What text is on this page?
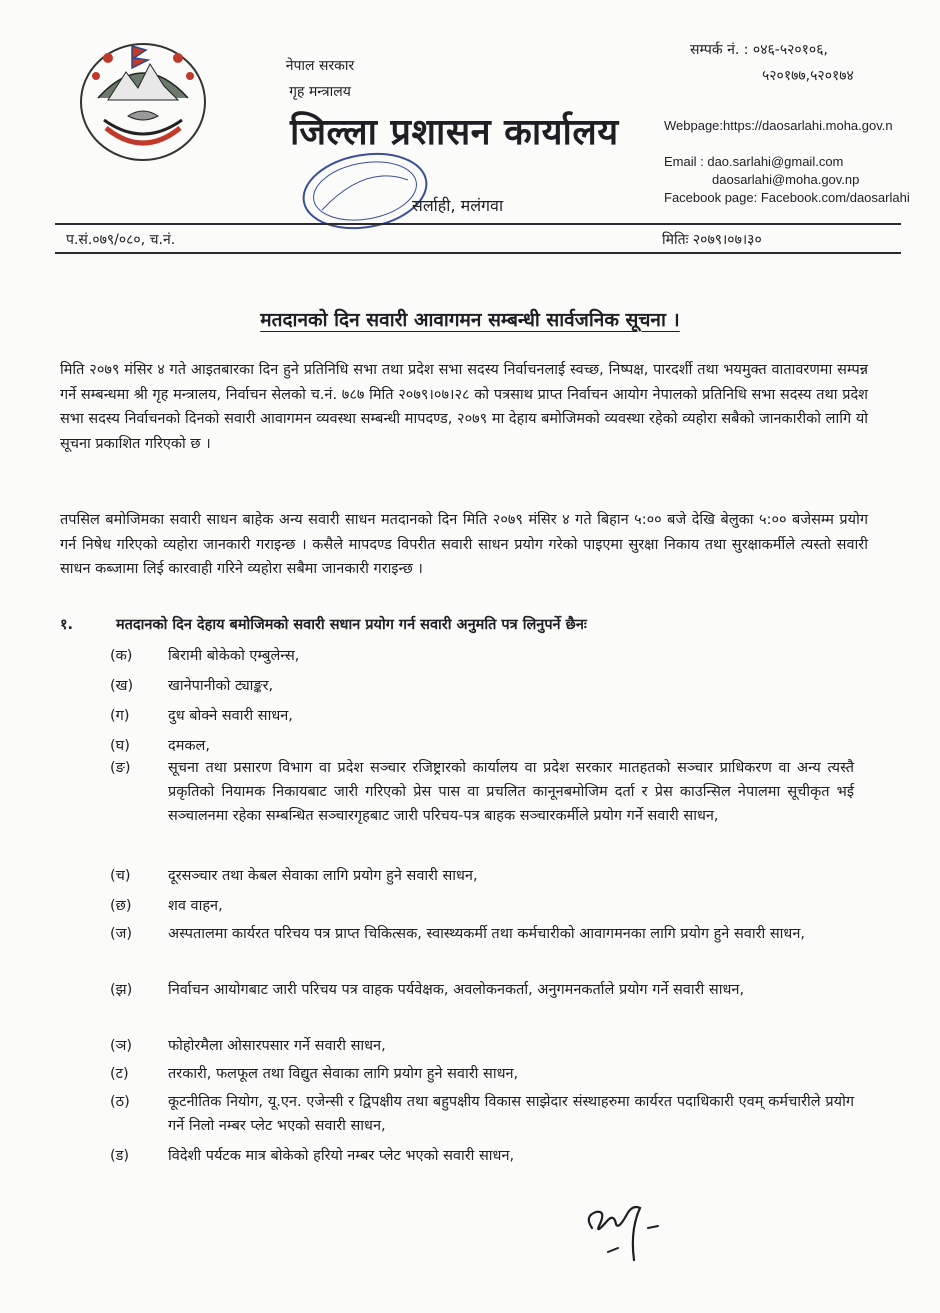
नेपाल सरकार
गृह मन्त्रालय
जिल्ला प्रशासन कार्यालय
सर्लाही, मलंगवा
सम्पर्क नं. : ०४६-५२०१०६,
५२०१७७,५२०१७४
Webpage:https://daosarlahi.moha.gov.n
Email : dao.sarlahi@gmail.com
daosarlahi@moha.gov.np
Facebook page: Facebook.com/daosarlahi
प.सं.०७९/०८०, च.नं.	मितिः २०७९।०७।३०
मतदानको दिन सवारी आवागमन सम्बन्धी सार्वजनिक सूचना ।
मिति २०७९ मंसिर ४ गते आइतबारका दिन हुने प्रतिनिधि सभा तथा प्रदेश सभा सदस्य निर्वाचनलाई स्वच्छ, निष्पक्ष, पारदर्शी तथा भयमुक्त वातावरणमा सम्पन्न गर्ने सम्बन्धमा श्री गृह मन्त्रालय, निर्वाचन सेलको च.नं. ७८७ मिति २०७९।०७।२८ को पत्रसाथ प्राप्त निर्वाचन आयोग नेपालको प्रतिनिधि सभा सदस्य तथा प्रदेश सभा सदस्य निर्वाचनको दिनको सवारी आवागमन व्यवस्था सम्बन्धी मापदण्ड, २०७९ मा देहाय बमोजिमको व्यवस्था रहेको व्यहोरा सबैको जानकारीको लागि यो सूचना प्रकाशित गरिएको छ ।
तपसिल बमोजिमका सवारी साधन बाहेक अन्य सवारी साधन मतदानको दिन मिति २०७९ मंसिर ४ गते बिहान ५:०० बजे देखि बेलुका ५:०० बजेसम्म प्रयोग गर्न निषेध गरिएको व्यहोरा जानकारी गराइन्छ । कसैले मापदण्ड विपरीत सवारी साधन प्रयोग गरेको पाइएमा सुरक्षा निकाय तथा सुरक्षाकर्मीले त्यस्तो सवारी साधन कब्जामा लिई कारवाही गरिने व्यहोरा सबैमा जानकारी गराइन्छ ।
१.	मतदानको दिन देहाय बमोजिमको सवारी सधान प्रयोग गर्न सवारी अनुमति पत्र लिनुपर्ने छैनः
(क) बिरामी बोकेको एम्बुलेन्स,
(ख) खानेपानीको ट्याङ्कर,
(ग)	दुध बोक्ने सवारी साधन,
(घ)	दमकल,
(ङ)	सूचना तथा प्रसारण विभाग वा प्रदेश सञ्चार रजिष्ट्रारको कार्यालय वा प्रदेश सरकार मातहतको सञ्चार प्राधिकरण वा अन्य त्यस्तै प्रकृतिको नियामक निकायबाट जारी गरिएको प्रेस पास वा प्रचलित कानूनबमोजिम दर्ता र प्रेस काउन्सिल नेपालमा सूचीकृत भई सञ्चालनमा रहेका सम्बन्धित सञ्चारगृहबाट जारी परिचय-पत्र बाहक सञ्चारकर्मीले प्रयोग गर्ने सवारी साधन,
(च)	दूरसञ्चार तथा केबल सेवाका लागि प्रयोग हुने सवारी साधन,
(छ)	शव वाहन,
(ज) अस्पतालमा कार्यरत परिचय पत्र प्राप्त चिकित्सक, स्वास्थ्यकर्मी तथा कर्मचारीको आवागमनका लागि प्रयोग हुने सवारी साधन,
(झ) निर्वाचन आयोगबाट जारी परिचय पत्र वाहक पर्यवेक्षक, अवलोकनकर्ता, अनुगमनकर्ताले प्रयोग गर्ने सवारी साधन,
(ञ) फोहोरमैला ओसारपसार गर्ने सवारी साधन,
(ट)	तरकारी, फलफूल तथा विद्युत सेवाका लागि प्रयोग हुने सवारी साधन,
(ठ)	कूटनीतिक नियोग, यू.एन. एजेन्सी र द्विपक्षीय तथा बहुपक्षीय विकास साझेदार संस्थाहरुमा कार्यरत पदाधिकारी एवम् कर्मचारीले प्रयोग गर्ने निलो नम्बर प्लेट भएको सवारी साधन,
(ड)	विदेशी पर्यटक मात्र बोकेको हरियो नम्बर प्लेट भएको सवारी साधन,
